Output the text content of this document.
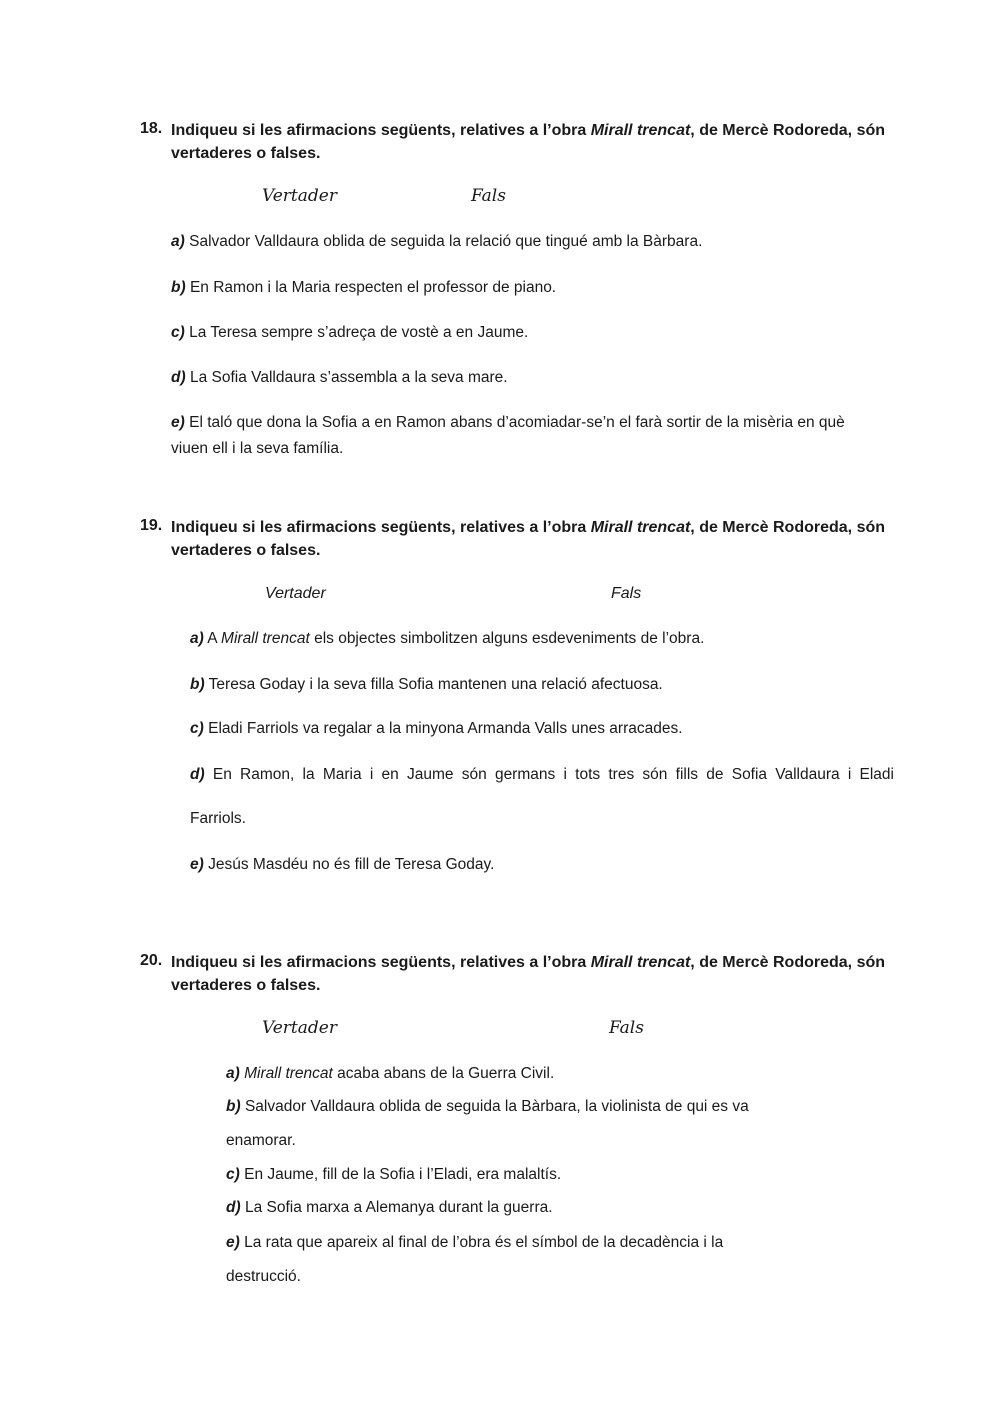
18. Indiqueu si les afirmacions següents, relatives a l’obra Mirall trencat, de Mercè Rodoreda, són vertaderes o falses.
Vertader	Fals
a) Salvador Valldaura oblida de seguida la relació que tingué amb la Bàrbara.
b) En Ramon i la Maria respecten el professor de piano.
c) La Teresa sempre s’adreça de vostè a en Jaume.
d) La Sofia Valldaura s’assembla a la seva mare.
e) El taló que dona la Sofia a en Ramon abans d’acomiadar-se’n el farà sortir de la misèria en què
viuen ell i la seva família.
19. Indiqueu si les afirmacions següents, relatives a l’obra Mirall trencat, de Mercè Rodoreda, són vertaderes o falses.
Vertader	Fals
a) A Mirall trencat els objectes simbolitzen alguns esdeveniments de l’obra.
b) Teresa Goday i la seva filla Sofia mantenen una relació afectuosa.
c) Eladi Farriols va regalar a la minyona Armanda Valls unes arracades.
d) En Ramon, la Maria i en Jaume són germans i tots tres són fills de Sofia Valldaura i Eladi
Farriols.
e) Jesús Masdéu no és fill de Teresa Goday.
20. Indiqueu si les afirmacions següents, relatives a l’obra Mirall trencat, de Mercè Rodoreda, són vertaderes o falses.
Vertader	Fals
a) Mirall trencat acaba abans de la Guerra Civil.
b) Salvador Valldaura oblida de seguida la Bàrbara, la violinista de qui es va
enamorar.
c) En Jaume, fill de la Sofia i l’Eladi, era malaltís.
d) La Sofia marxa a Alemanya durant la guerra.
e) La rata que apareix al final de l’obra és el símbol de la decadència i la
destrucció.
